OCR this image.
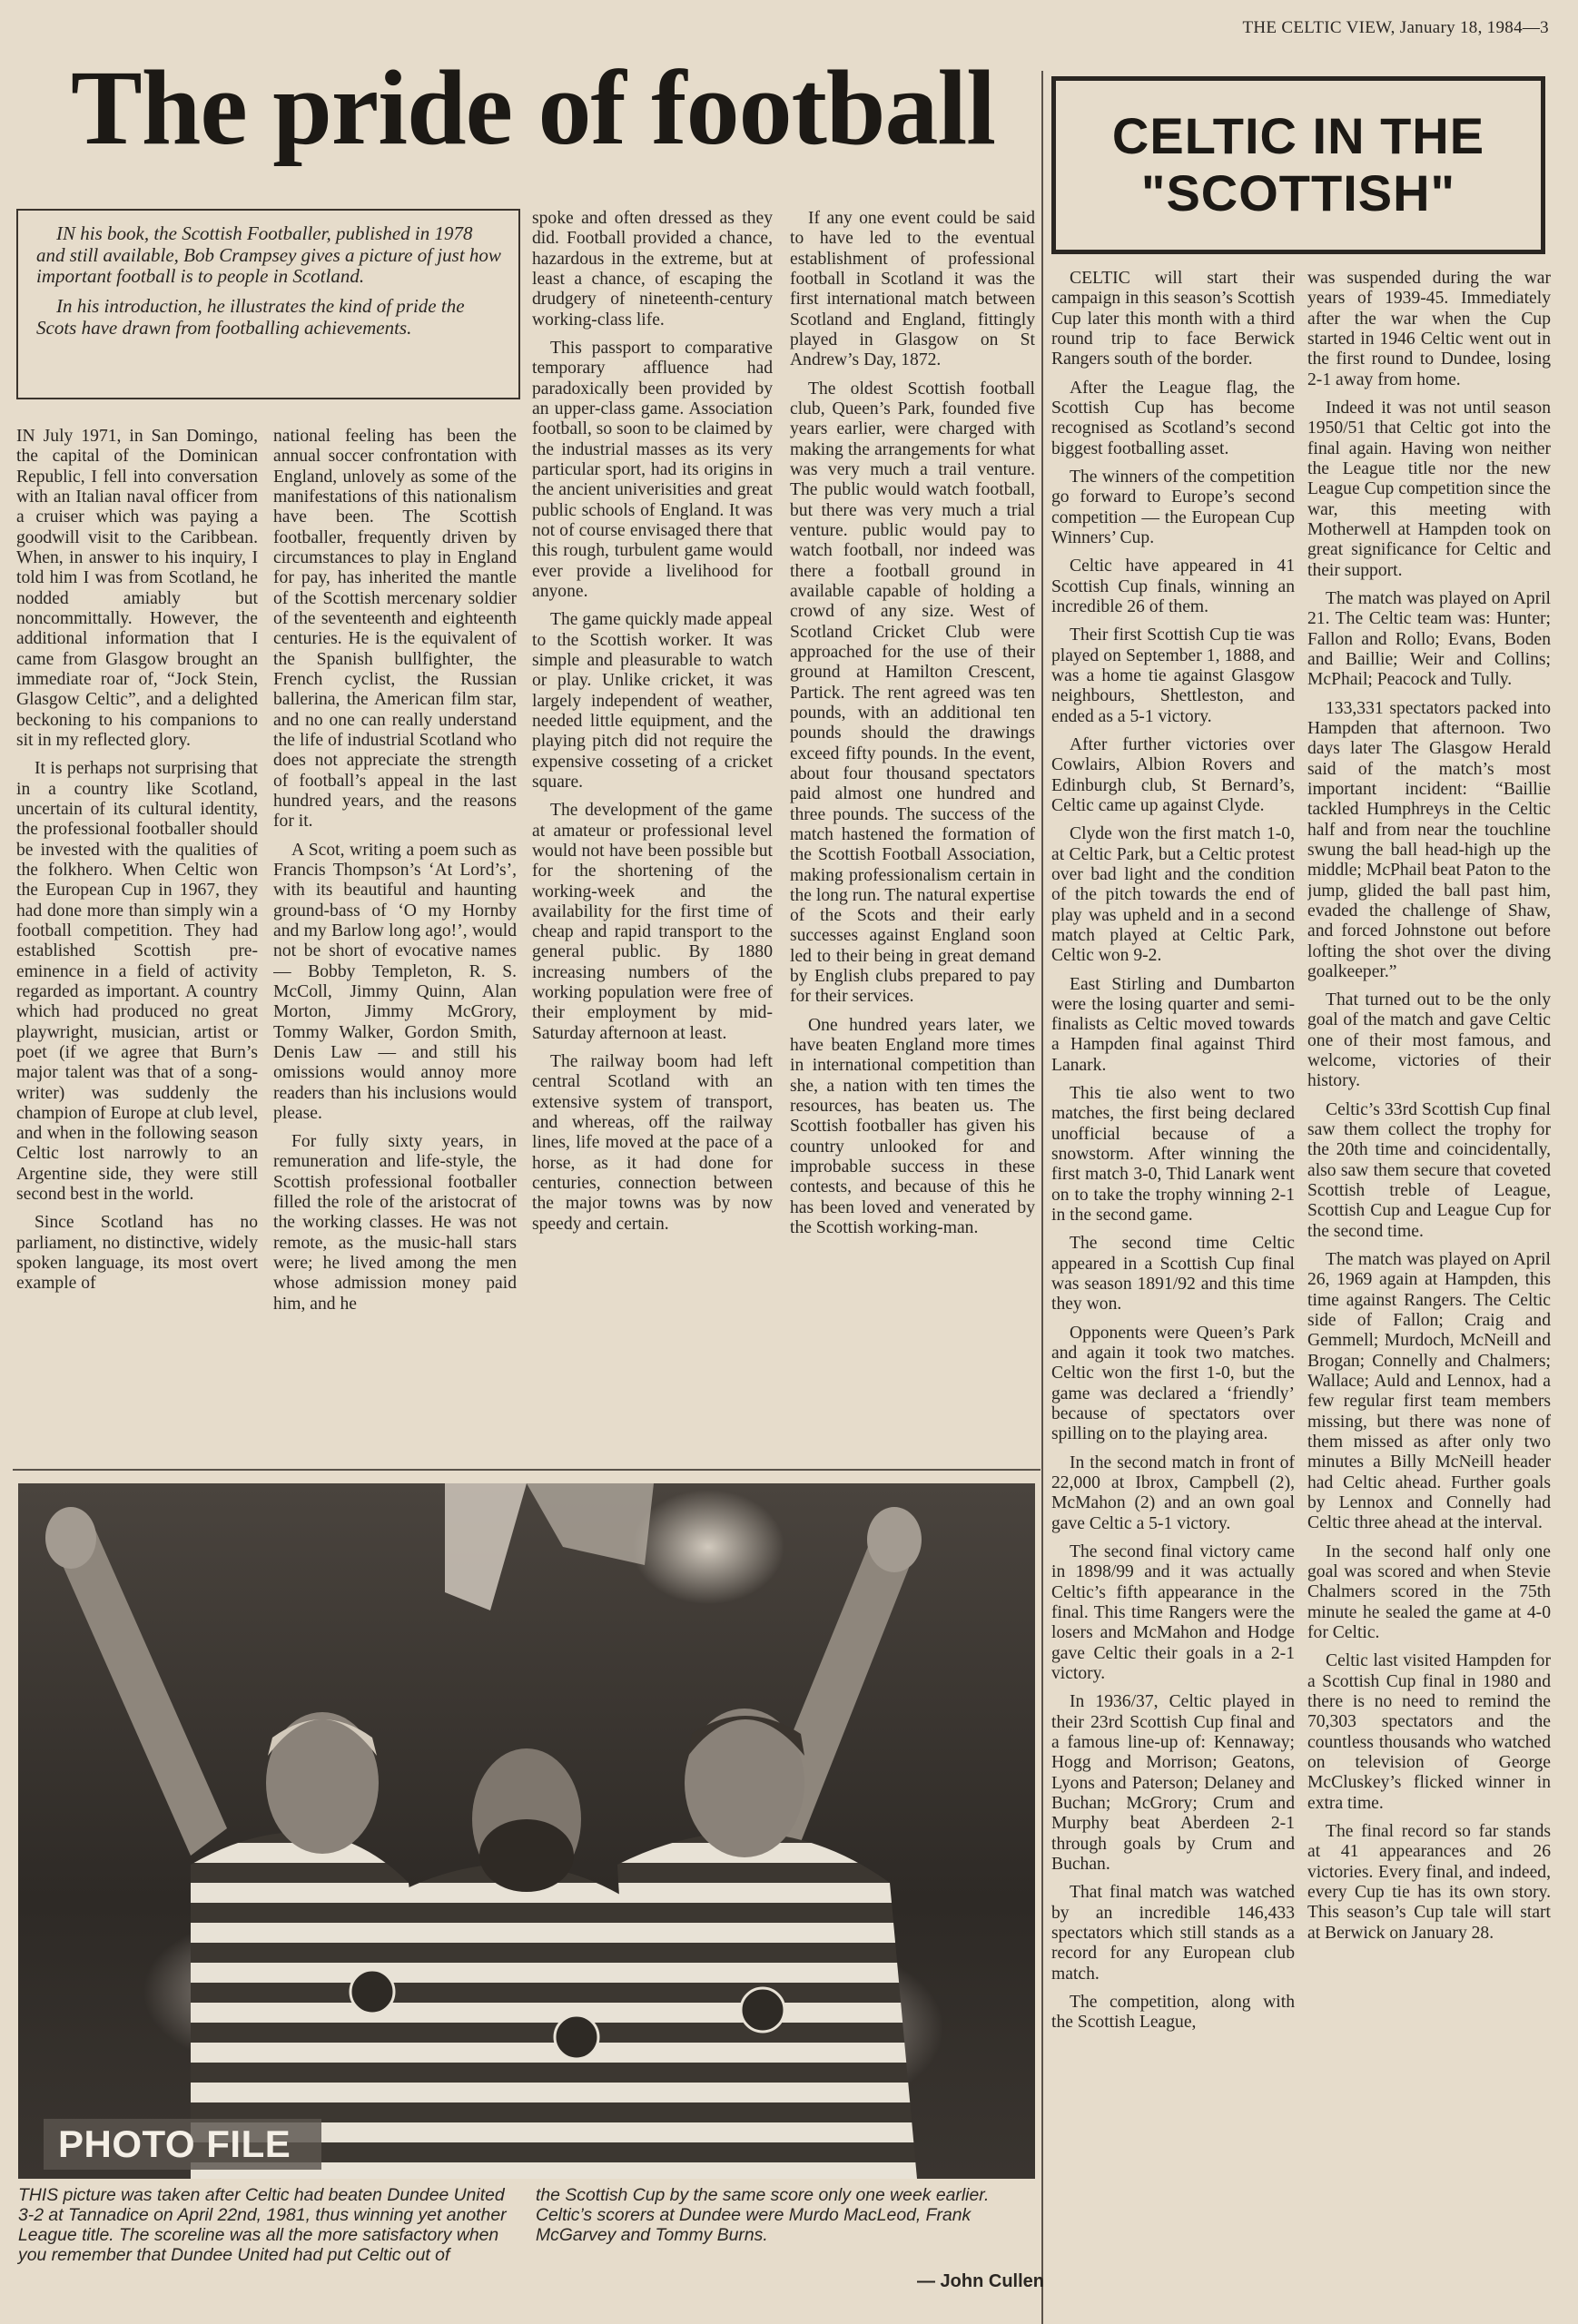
THE CELTIC VIEW, January 18, 1984—3
The pride of football	CELTIC IN THE
"SCOTTISH"

IN his book, the Scottish Footballer, published in 1978 and still available, Bob Crampsey gives a picture of just how important football is to people in Scotland.

In his introduction, he illustrates the kind of pride the Scots have drawn from footballing achievements.

IN July 1971, in San Domingo, the capital of the Dominican Republic, I fell into conversation with an Italian naval officer from a cruiser which was paying a goodwill visit to the Caribbean. When, in answer to his inquiry, I told him I was from Scotland, he nodded amiably but noncommittally. However, the additional information that I came from Glasgow brought an immediate roar of, “Jock Stein, Glasgow Celtic”, and a delighted beckoning to his companions to sit in my reflected glory.

It is perhaps not surprising that in a country like Scotland, uncertain of its cultural identity, the professional footballer should be invested with the qualities of the folkhero. When Celtic won the European Cup in 1967, they had done more than simply win a football competition. They had established Scottish pre-eminence in a field of activity regarded as important. A country which had produced no great playwright, musician, artist or poet (if we agree that Burn’s major talent was that of a song-writer) was suddenly the champion of Europe at club level, and when in the following season Celtic lost narrowly to an Argentine side, they were still second best in the world.

Since Scotland has no parliament, no distinctive, widely spoken language, its most overt example of

national feeling has been the annual soccer confrontation with England, unlovely as some of the manifestations of this nationalism have been. The Scottish footballer, frequently driven by circumstances to play in England for pay, has inherited the mantle of the Scottish mercenary soldier of the seventeenth and eighteenth centuries. He is the equivalent of the Spanish bullfighter, the French cyclist, the Russian ballerina, the American film star, and no one can really understand the life of industrial Scotland who does not appreciate the strength of football’s appeal in the last hundred years, and the reasons for it.

A Scot, writing a poem such as Francis Thompson’s ‘At Lord’s’, with its beautiful and haunting ground-bass of ‘O my Hornby and my Barlow long ago!’, would not be short of evocative names — Bobby Templeton, R. S. McColl, Jimmy Quinn, Alan Morton, Jimmy McGrory, Tommy Walker, Gordon Smith, Denis Law — and still his omissions would annoy more readers than his inclusions would please.

For fully sixty years, in remuneration and life-style, the Scottish professional footballer filled the role of the aristocrat of the working classes. He was not remote, as the music-hall stars were; he lived among the men whose admission money paid him, and he

spoke and often dressed as they did. Football provided a chance, hazardous in the extreme, but at least a chance, of escaping the drudgery of nineteenth-century working-class life.

This passport to comparative temporary affluence had paradoxically been provided by an upper-class game. Association football, so soon to be claimed by the industrial masses as its very particular sport, had its origins in the ancient univerisities and great public schools of England. It was not of course envisaged there that this rough, turbulent game would ever provide a livelihood for anyone.

The game quickly made appeal to the Scottish worker. It was simple and pleasurable to watch or play. Unlike cricket, it was largely independent of weather, needed little equipment, and the playing pitch did not require the expensive cosseting of a cricket square.

The development of the game at amateur or professional level would not have been possible but for the shortening of the working-week and the availability for the first time of cheap and rapid transport to the general public. By 1880 increasing numbers of the working population were free of their employment by mid-Saturday afternoon at least.

The railway boom had left central Scotland with an extensive system of transport, and whereas, off the railway lines, life moved at the pace of a horse, as it had done for centuries, connection between the major towns was by now speedy and certain.

If any one event could be said to have led to the eventual establishment of professional football in Scotland it was the first international match between Scotland and England, fittingly played in Glasgow on St Andrew’s Day, 1872.

The oldest Scottish football club, Queen’s Park, founded five years earlier, were charged with making the arrangements for what was very much a trail venture. The public would watch football, but there was very much a trial venture. public would pay to watch football, nor indeed was there a football ground in available capable of holding a crowd of any size. West of Scotland Cricket Club were approached for the use of their ground at Hamilton Crescent, Partick. The rent agreed was ten pounds, with an additional ten pounds should the drawings exceed fifty pounds. In the event, about four thousand spectators paid almost one hundred and three pounds. The success of the match hastened the formation of the Scottish Football Association, making professionalism certain in the long run. The natural expertise of the Scots and their early successes against England soon led to their being in great demand by English clubs prepared to pay for their services.

One hundred years later, we have beaten England more times in international competition than she, a nation with ten times the resources, has beaten us. The Scottish footballer has given his country unlooked for and improbable success in these contests, and because of this he has been loved and venerated by the Scottish working-man.

CELTIC will start their campaign in this season’s Scottish Cup later this month with a third round trip to face Berwick Rangers south of the border.

After the League flag, the Scottish Cup has become recognised as Scotland’s second biggest footballing asset.

The winners of the competition go forward to Europe’s second competition — the European Cup Winners’ Cup.

Celtic have appeared in 41 Scottish Cup finals, winning an incredible 26 of them.

Their first Scottish Cup tie was played on September 1, 1888, and was a home tie against Glasgow neighbours, Shettleston, and ended as a 5-1 victory.

After further victories over Cowlairs, Albion Rovers and Edinburgh club, St Bernard’s, Celtic came up against Clyde.

Clyde won the first match 1-0, at Celtic Park, but a Celtic protest over bad light and the condition of the pitch towards the end of play was upheld and in a second match played at Celtic Park, Celtic won 9-2.

East Stirling and Dumbarton were the losing quarter and semi-finalists as Celtic moved towards a Hampden final against Third Lanark.

This tie also went to two matches, the first being declared unofficial because of a snowstorm. After winning the first match 3-0, Thid Lanark went on to take the trophy winning 2-1 in the second game.

The second time Celtic appeared in a Scottish Cup final was season 1891/92 and this time they won.

Opponents were Queen’s Park and again it took two matches. Celtic won the first 1-0, but the game was declared a ‘friendly’ because of spectators over spilling on to the playing area.

In the second match in front of 22,000 at Ibrox, Campbell (2), McMahon (2) and an own goal gave Celtic a 5-1 victory.

The second final victory came in 1898/99 and it was actually Celtic’s fifth appearance in the final. This time Rangers were the losers and McMahon and Hodge gave Celtic their goals in a 2-1 victory.

In 1936/37, Celtic played in their 23rd Scottish Cup final and a famous line-up of: Kennaway; Hogg and Morrison; Geatons, Lyons and Paterson; Delaney and Buchan; McGrory; Crum and Murphy beat Aberdeen 2-1 through goals by Crum and Buchan.

That final match was watched by an incredible 146,433 spectators which still stands as a record for any European club match.

The competition, along with the Scottish League,

was suspended during the war years of 1939-45. Immediately after the war when the Cup started in 1946 Celtic went out in the first round to Dundee, losing 2-1 away from home.

Indeed it was not until season 1950/51 that Celtic got into the final again. Having won neither the League title nor the new League Cup competition since the war, this meeting with Motherwell at Hampden took on great significance for Celtic and their support.

The match was played on April 21. The Celtic team was: Hunter; Fallon and Rollo; Evans, Boden and Baillie; Weir and Collins; McPhail; Peacock and Tully.

133,331 spectators packed into Hampden that afternoon. Two days later The Glasgow Herald said of the match’s most important incident: “Baillie tackled Humphreys in the Celtic half and from near the touchline swung the ball head-high up the middle; McPhail beat Paton to the jump, glided the ball past him, evaded the challenge of Shaw, and forced Johnstone out before lofting the shot over the diving goalkeeper.”

That turned out to be the only goal of the match and gave Celtic one of their most famous, and welcome, victories of their history.

Celtic’s 33rd Scottish Cup final saw them collect the trophy for the 20th time and coincidentally, also saw them secure that coveted Scottish treble of League, Scottish Cup and League Cup for the second time.

The match was played on April 26, 1969 again at Hampden, this time against Rangers. The Celtic side of Fallon; Craig and Gemmell; Murdoch, McNeill and Brogan; Connelly and Chalmers; Wallace; Auld and Lennox, had a few regular first team members missing, but there was none of them missed as after only two minutes a Billy McNeill header had Celtic ahead. Further goals by Lennox and Connelly had Celtic three ahead at the interval.

In the second half only one goal was scored and when Stevie Chalmers scored in the 75th minute he sealed the game at 4-0 for Celtic.

Celtic last visited Hampden for a Scottish Cup final in 1980 and there is no need to remind the 70,303 spectators and the countless thousands who watched on television of George McCluskey’s flicked winner in extra time.

The final record so far stands at 41 appearances and 26 victories. Every final, and indeed, every Cup tie has its own story. This season’s Cup tale will start at Berwick on January 28.

PHOTO FILE
THIS picture was taken after Celtic had beaten Dundee United 3-2 at Tannadice on April 22nd, 1981, thus winning yet another League title. The scoreline was all the more satisfactory when you remember that Dundee United had put Celtic out of
the Scottish Cup by the same score only one week earlier. Celtic’s scorers at Dundee were Murdo MacLeod, Frank McGarvey and Tommy Burns.
— John Cullen
